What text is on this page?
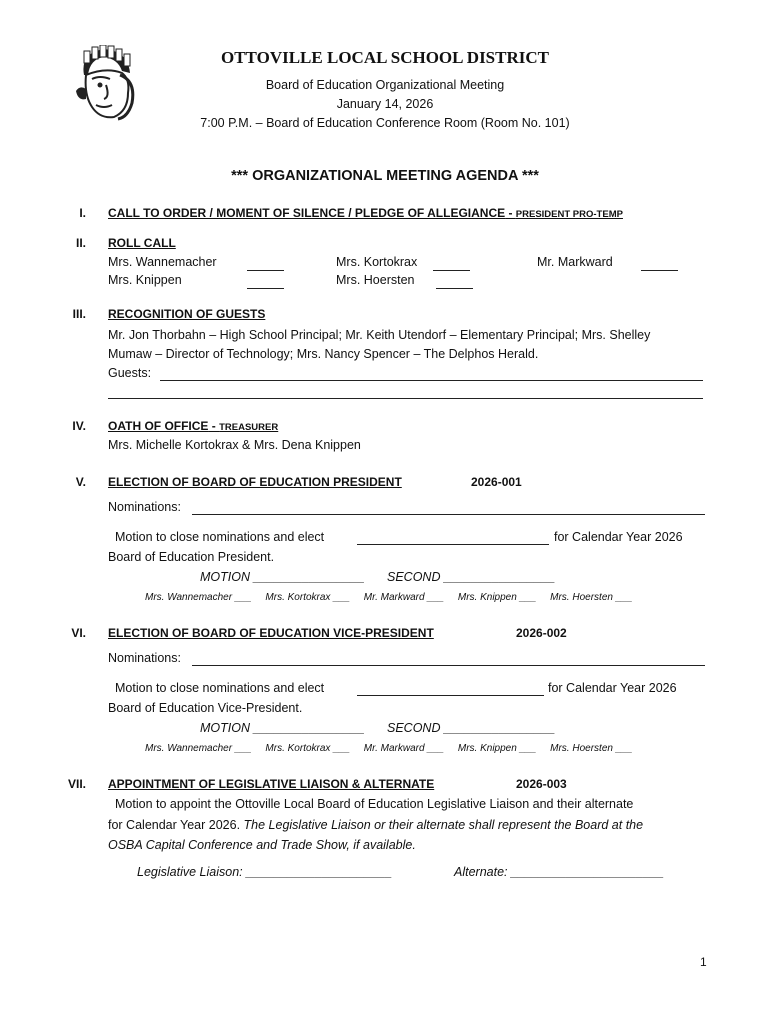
OTTOVILLE LOCAL SCHOOL DISTRICT
Board of Education Organizational Meeting
January 14, 2026
7:00 P.M. – Board of Education Conference Room (Room No. 101)
*** ORGANIZATIONAL MEETING AGENDA ***
I. CALL TO ORDER / MOMENT OF SILENCE / PLEDGE OF ALLEGIANCE - PRESIDENT PRO-TEMP
II. ROLL CALL
Mrs. Wannemacher	Mrs. Kortokrax	Mr. Markward
Mrs. Knippen	Mrs. Hoersten
III. RECOGNITION OF GUESTS
Mr. Jon Thorbahn – High School Principal; Mr. Keith Utendorf – Elementary Principal; Mrs. Shelley
Mumaw – Director of Technology; Mrs. Nancy Spencer – The Delphos Herald.
Guests:
IV. OATH OF OFFICE - TREASURER
Mrs. Michelle Kortokrax & Mrs. Dena Knippen
V. ELECTION OF BOARD OF EDUCATION PRESIDENT	2026-001
Nominations:
Motion to close nominations and elect	for Calendar Year 2026
Board of Education President.
MOTION ________________ SECOND ________________
Mrs. Wannemacher ___     Mrs. Kortokrax ___     Mr. Markward ___     Mrs. Knippen ___     Mrs. Hoersten ___
VI. ELECTION OF BOARD OF EDUCATION VICE-PRESIDENT	2026-002
Nominations:
Motion to close nominations and elect	for Calendar Year 2026
Board of Education Vice-President.
MOTION ________________ SECOND ________________
Mrs. Wannemacher ___     Mrs. Kortokrax ___     Mr. Markward ___     Mrs. Knippen ___     Mrs. Hoersten ___
VII. APPOINTMENT OF LEGISLATIVE LIAISON & ALTERNATE	2026-003
Motion to appoint the Ottoville Local Board of Education Legislative Liaison and their alternate
for Calendar Year 2026. The Legislative Liaison or their alternate shall represent the Board at the
OSBA Capital Conference and Trade Show, if available.
Legislative Liaison: _____________________	Alternate: ______________________
1
